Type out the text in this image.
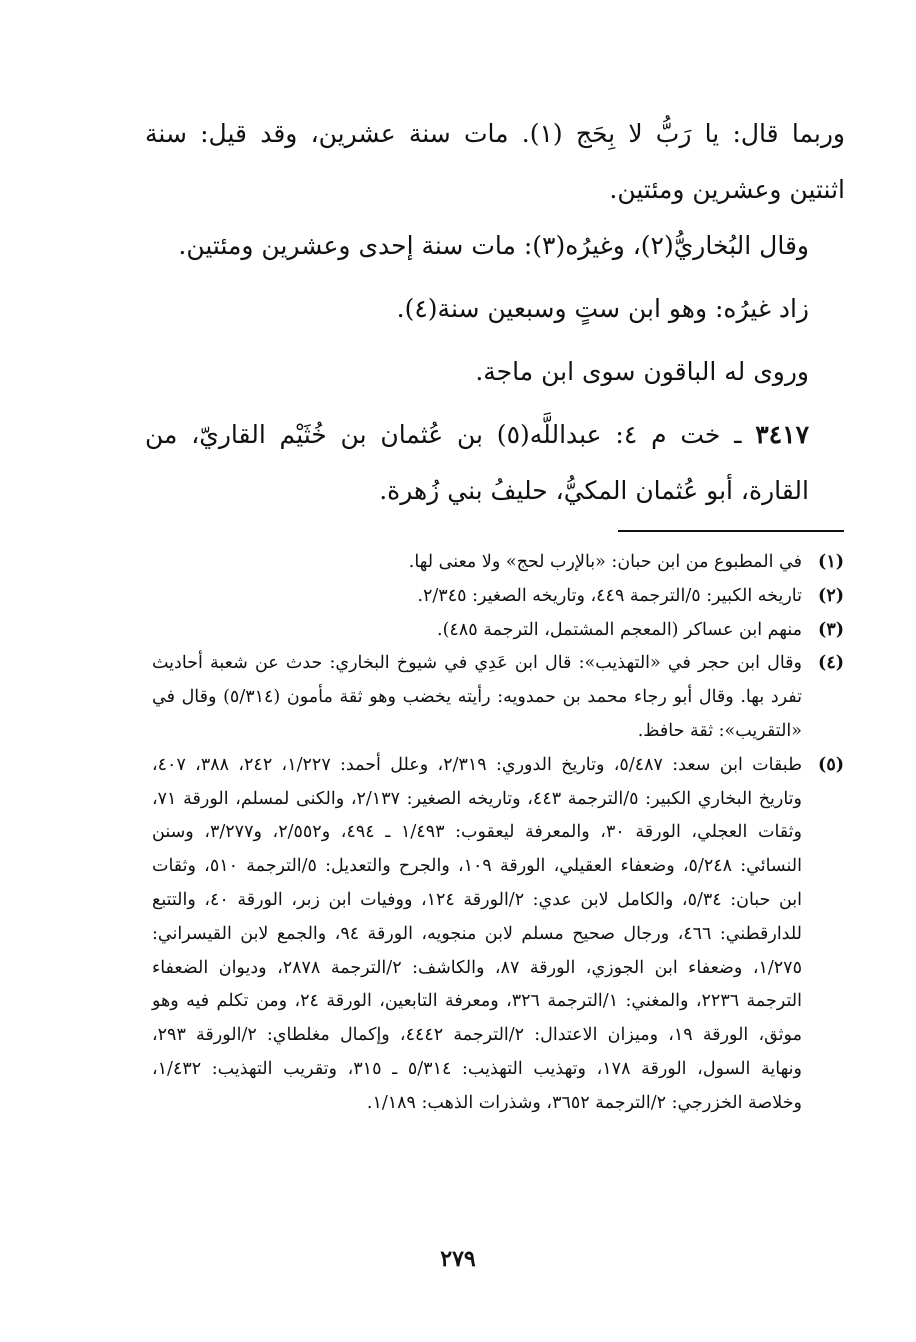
وربما قال: يا رَبُّ لا بِحَج (١). مات سنة عشرين، وقد قيل: سنة اثنتين وعشرين ومئتين.

وقال البُخاريُّ(٢)، وغيرُه(٣): مات سنة إحدى وعشرين ومئتين.

زاد غيرُه: وهو ابن ستٍ وسبعين سنة(٤).

وروى له الباقون سوى ابن ماجة.

٣٤١٧ ـ خت م ٤: عبداللَّه(٥) بن عُثمان بن خُثَيْم القاريّ، من القارة، أبو عُثمان المكيُّ، حليفُ بني زُهرة.

(١)
في المطبوع من ابن حبان: «بالإرب لحج» ولا معنى لها.
(٢)
تاريخه الكبير: ٥/الترجمة ٤٤٩، وتاريخه الصغير: ٢/٣٤٥.
(٣)
منهم ابن عساكر (المعجم المشتمل، الترجمة ٤٨٥).
(٤)
وقال ابن حجر في «التهذيب»: قال ابن عَدِي في شيوخ البخاري: حدث عن شعبة أحاديث تفرد بها. وقال أبو رجاء محمد بن حمدويه: رأيته يخضب وهو ثقة مأمون (٥/٣١٤) وقال في «التقريب»: ثقة حافظ.
(٥)
طبقات ابن سعد: ٥/٤٨٧، وتاريخ الدوري: ٢/٣١٩، وعلل أحمد: ١/٢٢٧، ٢٤٢، ٣٨٨، ٤٠٧، وتاريخ البخاري الكبير: ٥/الترجمة ٤٤٣، وتاريخه الصغير: ٢/١٣٧، والكنى لمسلم، الورقة ٧١، وثقات العجلي، الورقة ٣٠، والمعرفة ليعقوب: ١/٤٩٣ ـ ٤٩٤، و٢/٥٥٢، و٣/٢٧٧، وسنن النسائي: ٥/٢٤٨، وضعفاء العقيلي، الورقة ١٠٩، والجرح والتعديل: ٥/الترجمة ٥١٠، وثقات ابن حبان: ٥/٣٤، والكامل لابن عدي: ٢/الورقة ١٢٤، ووفيات ابن زبر، الورقة ٤٠، والتتبع للدارقطني: ٤٦٦، ورجال صحيح مسلم لابن منجويه، الورقة ٩٤، والجمع لابن القيسراني: ١/٢٧٥، وضعفاء ابن الجوزي، الورقة ٨٧، والكاشف: ٢/الترجمة ٢٨٧٨، وديوان الضعفاء الترجمة ٢٢٣٦، والمغني: ١/الترجمة ٣٢٦، ومعرفة التابعين، الورقة ٢٤، ومن تكلم فيه وهو موثق، الورقة ١٩، وميزان الاعتدال: ٢/الترجمة ٤٤٤٢، وإكمال مغلطاي: ٢/الورقة ٢٩٣، ونهاية السول، الورقة ١٧٨، وتهذيب التهذيب: ٥/٣١٤ ـ ٣١٥، وتقريب التهذيب: ١/٤٣٢، وخلاصة الخزرجي: ٢/الترجمة ٣٦٥٢، وشذرات الذهب: ١/١٨٩.
٢٧٩
